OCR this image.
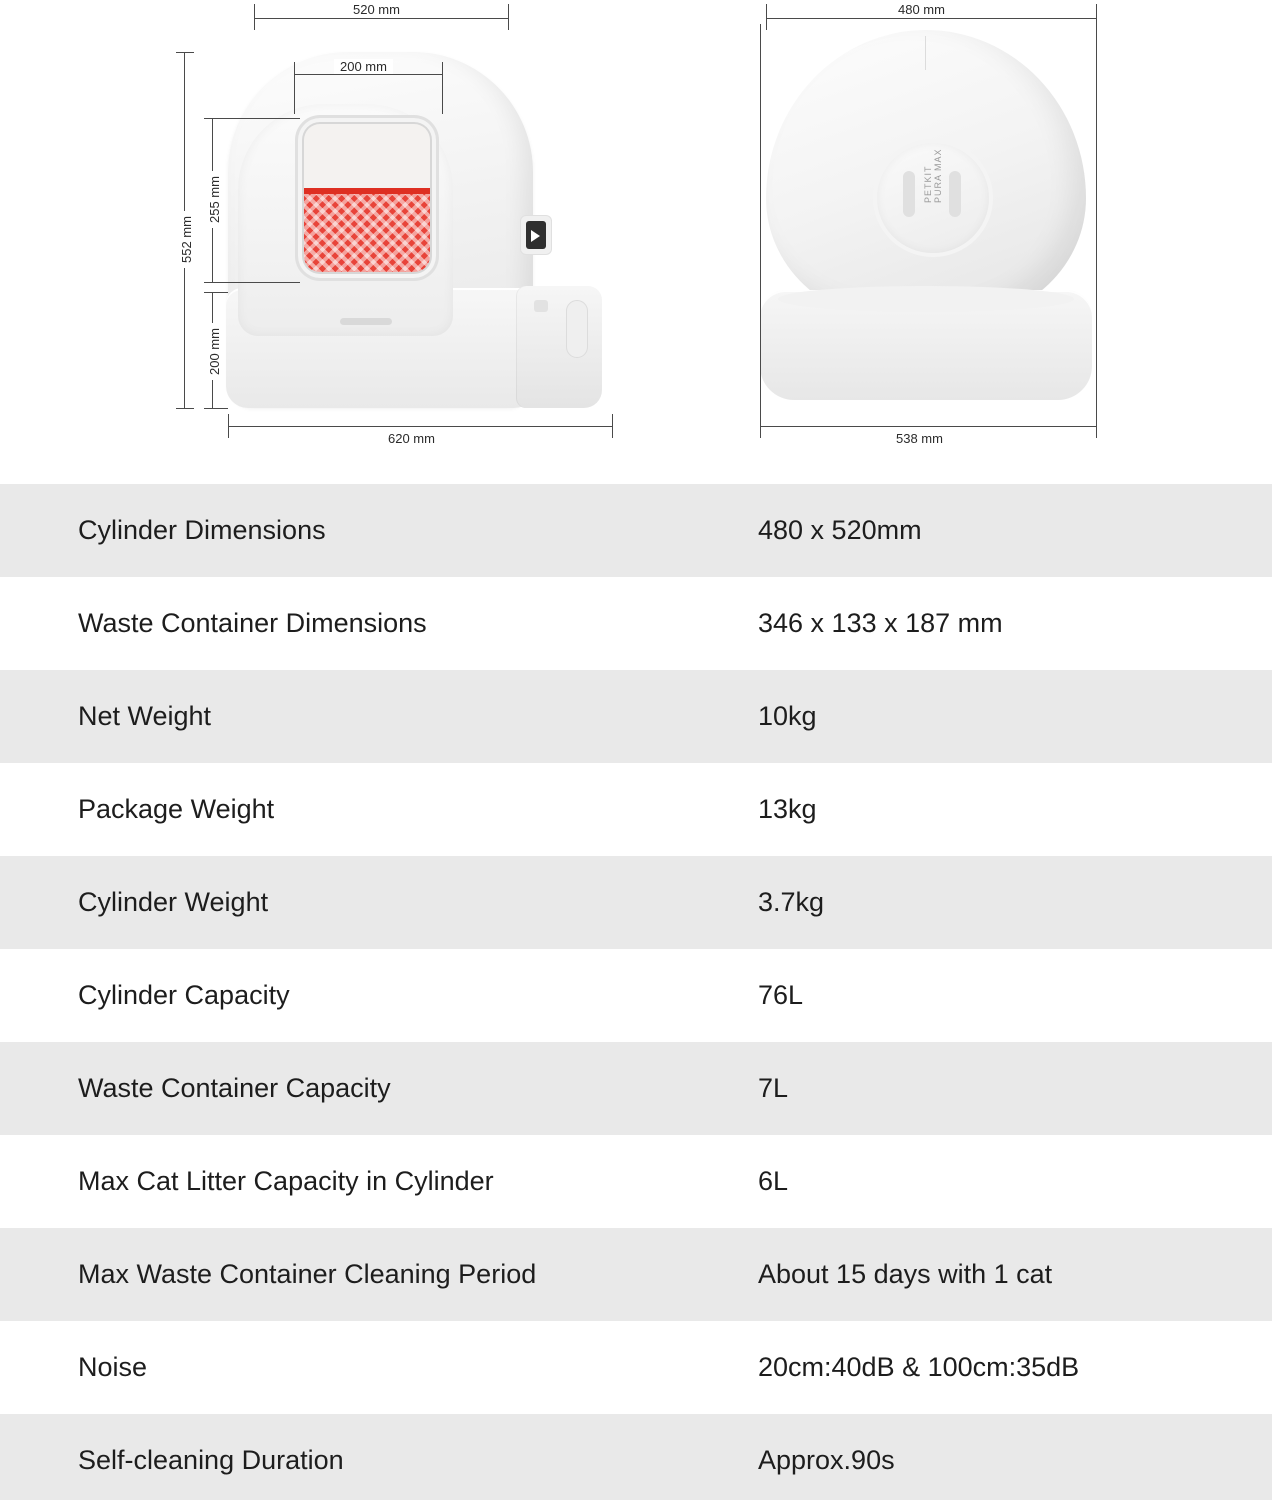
520 mm
200 mm
255 mm
552 mm
200 mm
620 mm
PETKIT PURA MAX
480 mm
538 mm
Cylinder Dimensions	480 x 520mm
Waste Container Dimensions	346 x 133 x 187 mm
Net Weight	10kg
Package Weight	13kg
Cylinder Weight	3.7kg
Cylinder Capacity	76L
Waste Container Capacity	7L
Max Cat Litter Capacity in Cylinder	6L
Max Waste Container Cleaning Period	About 15 days with 1 cat
Noise	20cm:40dB & 100cm:35dB
Self-cleaning Duration	Approx.90s
